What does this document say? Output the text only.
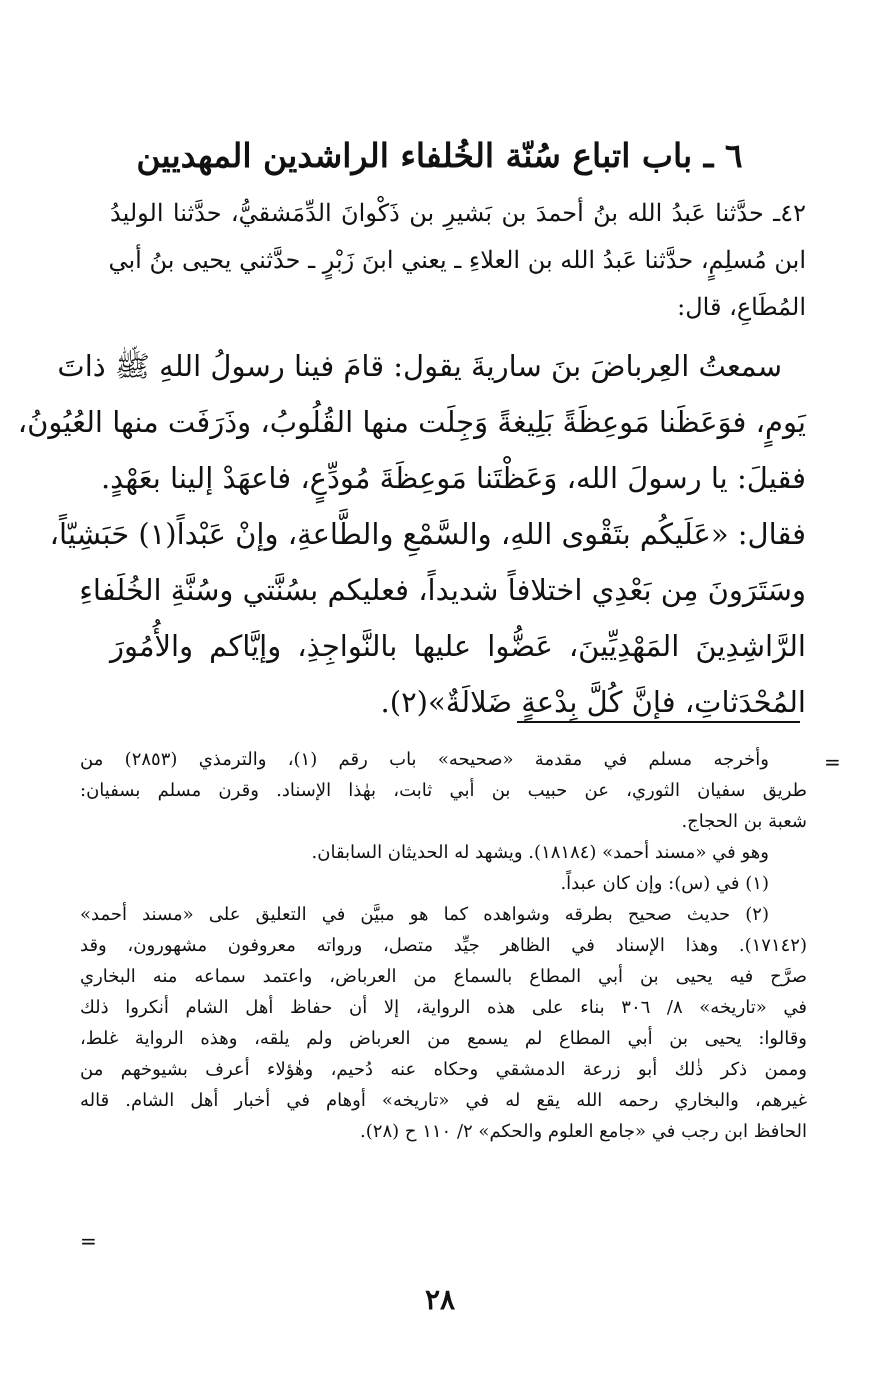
٦ ـ باب اتباع سُنّة الخُلفاء الراشدين المهديين
٤٢ـ حدَّثنا عَبدُ الله بنُ أحمدَ بن بَشيرِ بن ذَكْوانَ الدِّمَشقيُّ، حدَّثنا الوليدُ
ابن مُسلِمٍ، حدَّثنا عَبدُ الله بن العلاءِ ـ يعني ابنَ زَبْرٍ ـ حدَّثني يحيى بنُ أبي
المُطَاعِ، قال:
سمعتُ العِرباضَ بنَ ساريةَ يقول: قامَ فينا رسولُ اللهِ ﷺ ذاتَ
يَومٍ، فوَعَظَنا مَوعِظَةً بَلِيغةً وَجِلَت منها القُلُوبُ، وذَرَفَت منها العُيُونُ،
فقيلَ: يا رسولَ الله، وَعَظْتَنا مَوعِظَةَ مُودِّعٍ، فاعهَدْ إلينا بعَهْدٍ.
فقال: «عَلَيكُم بتَقْوى اللهِ، والسَّمْعِ والطَّاعةِ، وإنْ عَبْداً(١) حَبَشِيّاً،
وسَتَرَونَ مِن بَعْدِي اختلافاً شديداً، فعليكم بسُنَّتي وسُنَّةِ الخُلَفاءِ
الرَّاشِدِينَ المَهْدِيِّينَ، عَضُّوا عليها بالنَّواجِذِ، وإيَّاكم والأُمُورَ
المُحْدَثاتِ، فإنَّ كُلَّ بِدْعةٍ ضَلالَةٌ»(٢).
=
وأخرجه مسلم في مقدمة «صحيحه» باب رقم (١)، والترمذي (٢٨٥٣) من
طريق سفيان الثوري، عن حبيب بن أبي ثابت، بهٰذا الإسناد. وقرن مسلم بسفيان:
شعبة بن الحجاج.
وهو في «مسند أحمد» (١٨١٨٤). ويشهد له الحديثان السابقان.
(١) في (س): وإن كان عبداً.
(٢) حديث صحيح بطرقه وشواهده كما هو مبيَّن في التعليق على «مسند أحمد»
(١٧١٤٢). وهذا الإسناد في الظاهر جيِّد متصل، ورواته معروفون مشهورون، وقد
صرَّح فيه يحيى بن أبي المطاع بالسماع من العرباض، واعتمد سماعه منه البخاري
في «تاريخه» ٨/ ٣٠٦ بناء على هذه الرواية، إلا أن حفاظ أهل الشام أنكروا ذلك
وقالوا: يحيى بن أبي المطاع لم يسمع من العرباض ولم يلقه، وهذه الرواية غلط،
وممن ذكر ذٰلك أبو زرعة الدمشقي وحكاه عنه دُحيم، وهٰؤلاء أعرف بشيوخهم من
غيرهم، والبخاري رحمه الله يقع له في «تاريخه» أوهام في أخبار أهل الشام. قاله
الحافظ ابن رجب في «جامع العلوم والحكم» ٢/ ١١٠ ح (٢٨).
=
٢٨
